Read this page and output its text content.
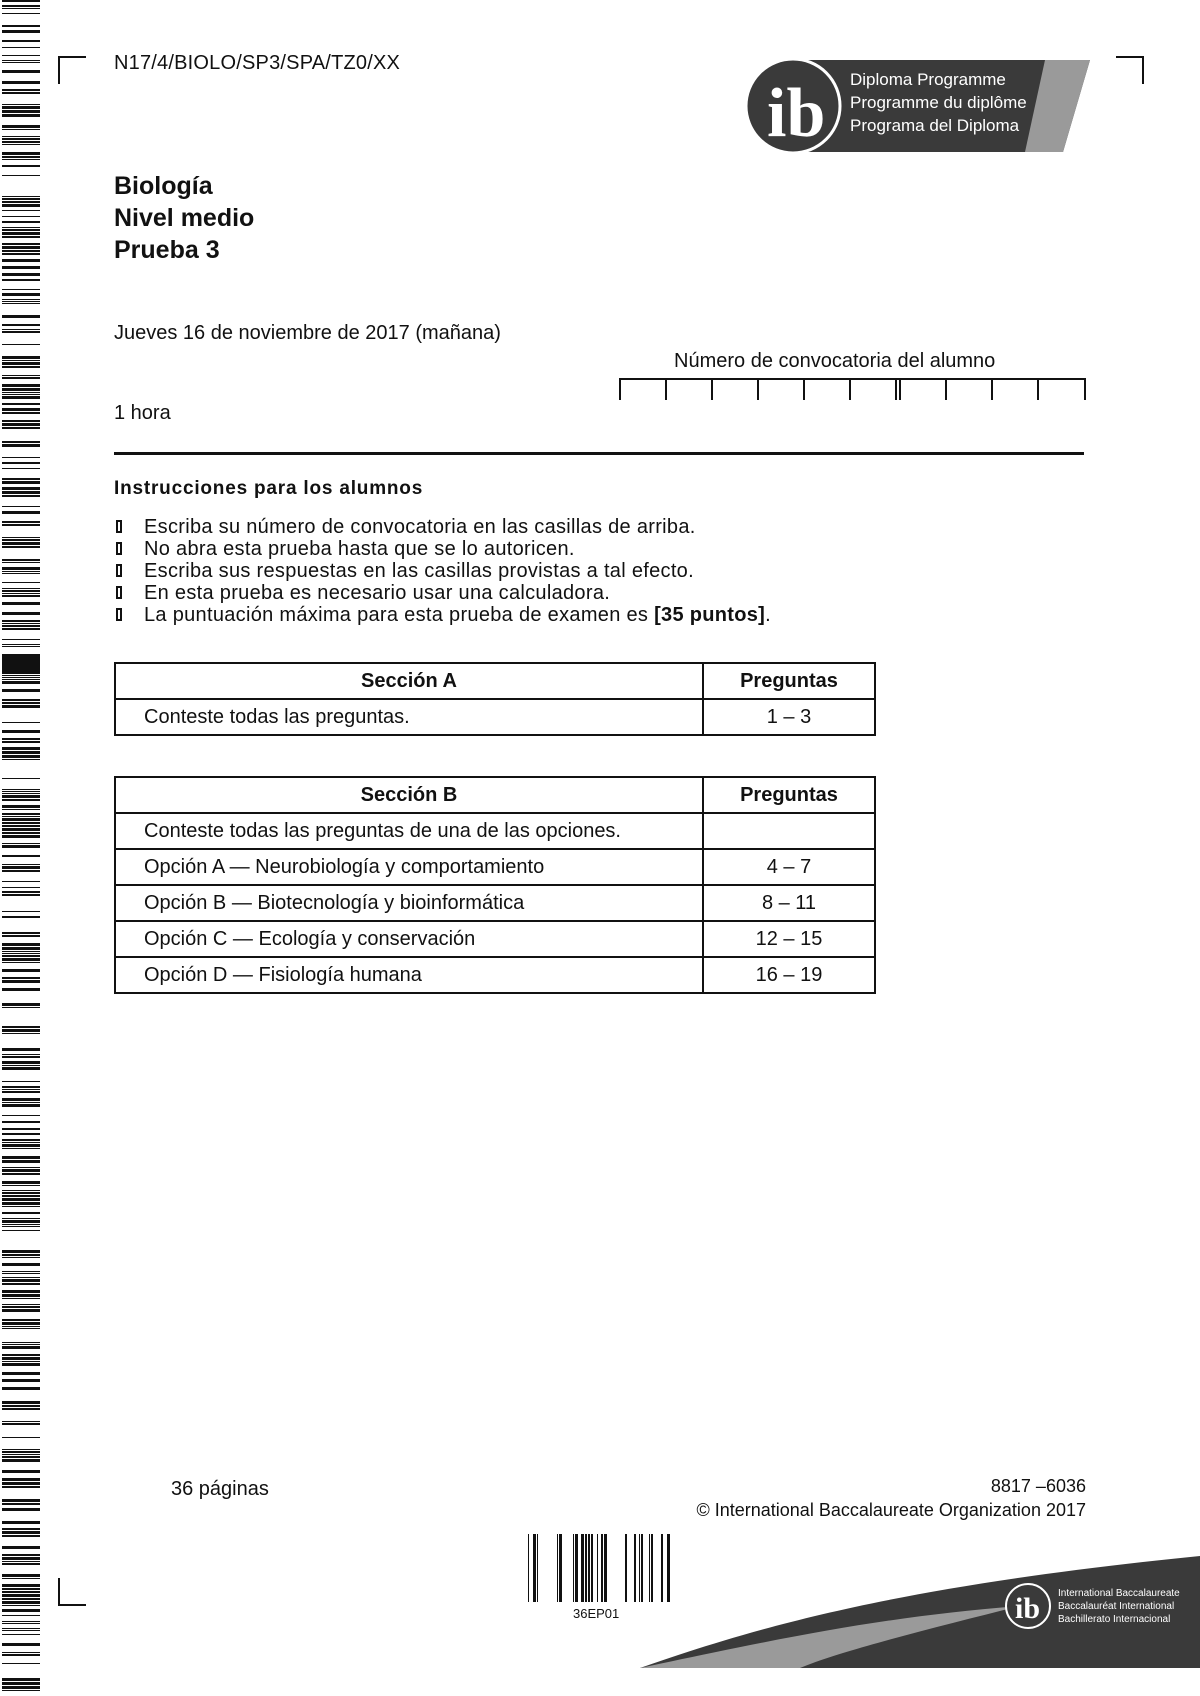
N17/4/BIOLO/SP3/SPA/TZ0/XX
ib Diploma Programme
Programme du diplôme
Programa del Diploma
Biología
Nivel medio
Prueba 3
Jueves 16 de noviembre de 2017 (mañana)
1 hora
Número de convocatoria del alumno
Instrucciones para los alumnos
Escriba su número de convocatoria en las casillas de arriba.
No abra esta prueba hasta que se lo autoricen.
Escriba sus respuestas en las casillas provistas a tal efecto.
En esta prueba es necesario usar una calculadora.
La puntuación máxima para esta prueba de examen es [35 puntos].
Sección A	Preguntas
Conteste todas las preguntas.	1 – 3
Sección B	Preguntas
Conteste todas las preguntas de una de las opciones.	
Opción A — Neurobiología y comportamiento	4 – 7
Opción B — Biotecnología y bioinformática	8 – 11
Opción C — Ecología y conservación	12 – 15
Opción D — Fisiología humana	16 – 19
36 páginas	8817 –6036
© International Baccalaureate Organization 2017
36EP01	ib International Baccalaureate
Baccalauréat International
Bachillerato Internacional
